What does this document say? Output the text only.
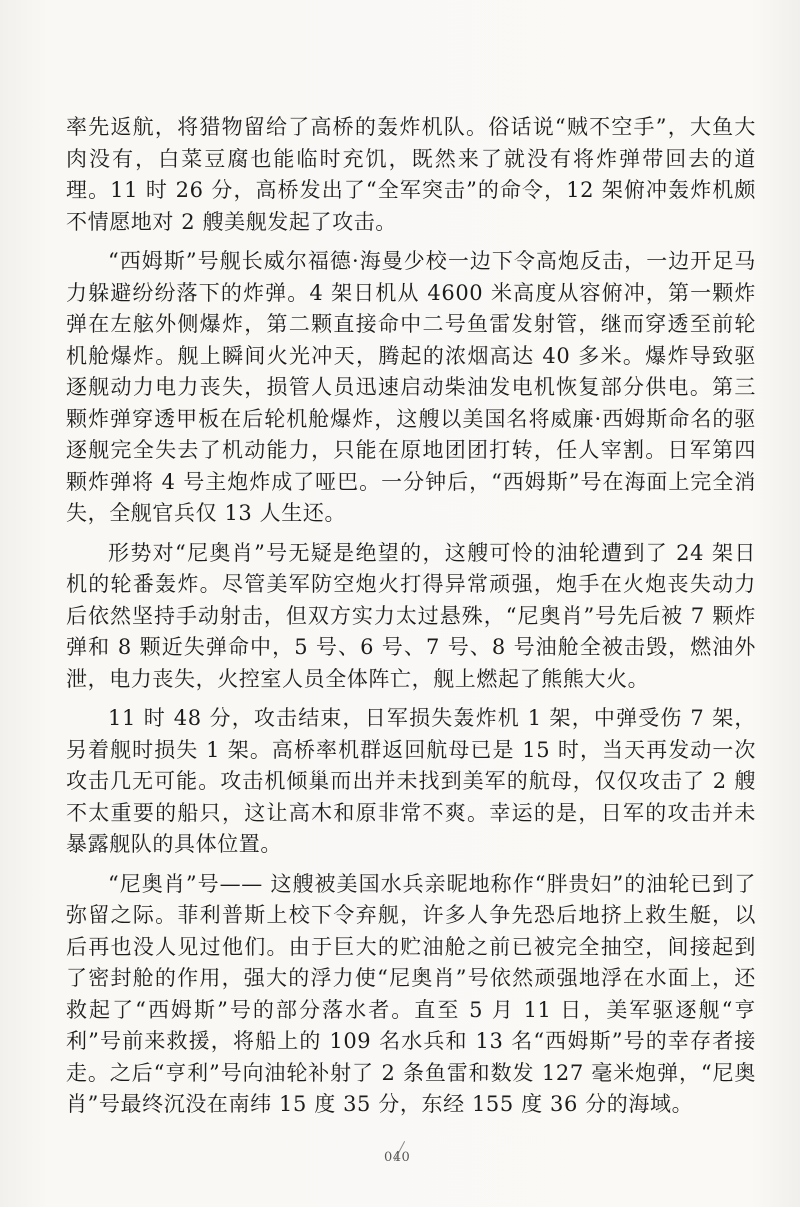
率先返航，将猎物留给了高桥的轰炸机队。俗话说“贼不空手”，大鱼大肉没有，白菜豆腐也能临时充饥，既然来了就没有将炸弹带回去的道理。11 时 26 分，高桥发出了“全军突击”的命令，12 架俯冲轰炸机颇不情愿地对 2 艘美舰发起了攻击。

“西姆斯”号舰长威尔福德·海曼少校一边下令高炮反击，一边开足马力躲避纷纷落下的炸弹。4 架日机从 4600 米高度从容俯冲，第一颗炸弹在左舷外侧爆炸，第二颗直接命中二号鱼雷发射管，继而穿透至前轮机舱爆炸。舰上瞬间火光冲天，腾起的浓烟高达 40 多米。爆炸导致驱逐舰动力电力丧失，损管人员迅速启动柴油发电机恢复部分供电。第三颗炸弹穿透甲板在后轮机舱爆炸，这艘以美国名将威廉·西姆斯命名的驱逐舰完全失去了机动能力，只能在原地团团打转，任人宰割。日军第四颗炸弹将 4 号主炮炸成了哑巴。一分钟后，“西姆斯”号在海面上完全消失，全舰官兵仅 13 人生还。

形势对“尼奥肖”号无疑是绝望的，这艘可怜的油轮遭到了 24 架日机的轮番轰炸。尽管美军防空炮火打得异常顽强，炮手在火炮丧失动力后依然坚持手动射击，但双方实力太过悬殊，“尼奥肖”号先后被 7 颗炸弹和 8 颗近失弹命中，5 号、6 号、7 号、8 号油舱全被击毁，燃油外泄，电力丧失，火控室人员全体阵亡，舰上燃起了熊熊大火。

11 时 48 分，攻击结束，日军损失轰炸机 1 架，中弹受伤 7 架，另着舰时损失 1 架。高桥率机群返回航母已是 15 时，当天再发动一次攻击几无可能。攻击机倾巢而出并未找到美军的航母，仅仅攻击了 2 艘不太重要的船只，这让高木和原非常不爽。幸运的是，日军的攻击并未暴露舰队的具体位置。

“尼奥肖”号—— 这艘被美国水兵亲昵地称作“胖贵妇”的油轮已到了弥留之际。菲利普斯上校下令弃舰，许多人争先恐后地挤上救生艇，以后再也没人见过他们。由于巨大的贮油舱之前已被完全抽空，间接起到了密封舱的作用，强大的浮力使“尼奥肖”号依然顽强地浮在水面上，还救起了“西姆斯”号的部分落水者。直至 5 月 11 日，美军驱逐舰“亨利”号前来救援，将船上的 109 名水兵和 13 名“西姆斯”号的幸存者接走。之后“亨利”号向油轮补射了 2 条鱼雷和数发 127 毫米炮弹，“尼奥肖”号最终沉没在南纬 15 度 35 分，东经 155 度 36 分的海域。

040
